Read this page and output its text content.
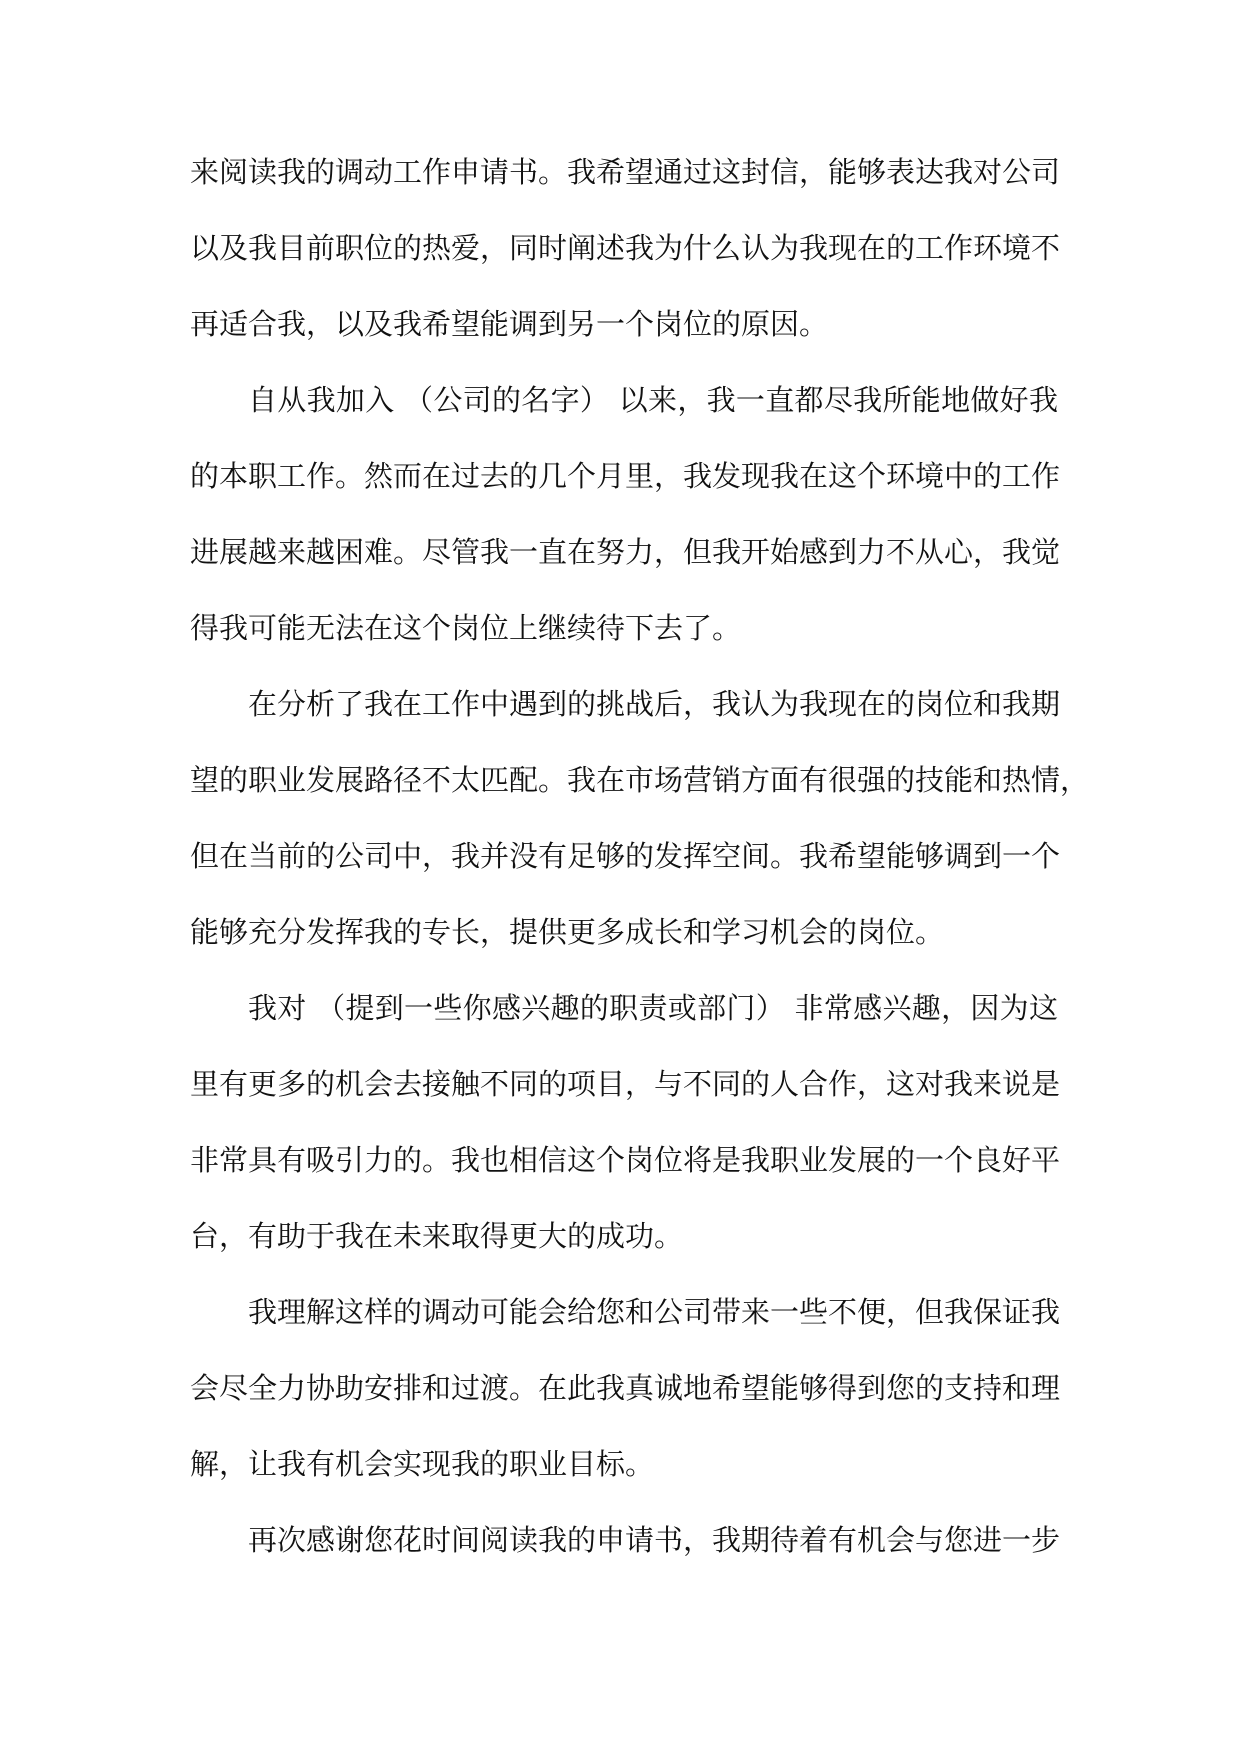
来阅读我的调动工作申请书。我希望通过这封信，能够表达我对公司
以及我目前职位的热爱，同时阐述我为什么认为我现在的工作环境不
再适合我，以及我希望能调到另一个岗位的原因。
自从我加入 （公司的名字） 以来，我一直都尽我所能地做好我
的本职工作。然而在过去的几个月里，我发现我在这个环境中的工作
进展越来越困难。尽管我一直在努力，但我开始感到力不从心，我觉
得我可能无法在这个岗位上继续待下去了。
在分析了我在工作中遇到的挑战后，我认为我现在的岗位和我期
望的职业发展路径不太匹配。我在市场营销方面有很强的技能和热情，
但在当前的公司中，我并没有足够的发挥空间。我希望能够调到一个
能够充分发挥我的专长，提供更多成长和学习机会的岗位。
我对 （提到一些你感兴趣的职责或部门） 非常感兴趣，因为这
里有更多的机会去接触不同的项目，与不同的人合作，这对我来说是
非常具有吸引力的。我也相信这个岗位将是我职业发展的一个良好平
台，有助于我在未来取得更大的成功。
我理解这样的调动可能会给您和公司带来一些不便，但我保证我
会尽全力协助安排和过渡。在此我真诚地希望能够得到您的支持和理
解，让我有机会实现我的职业目标。
再次感谢您花时间阅读我的申请书，我期待着有机会与您进一步
